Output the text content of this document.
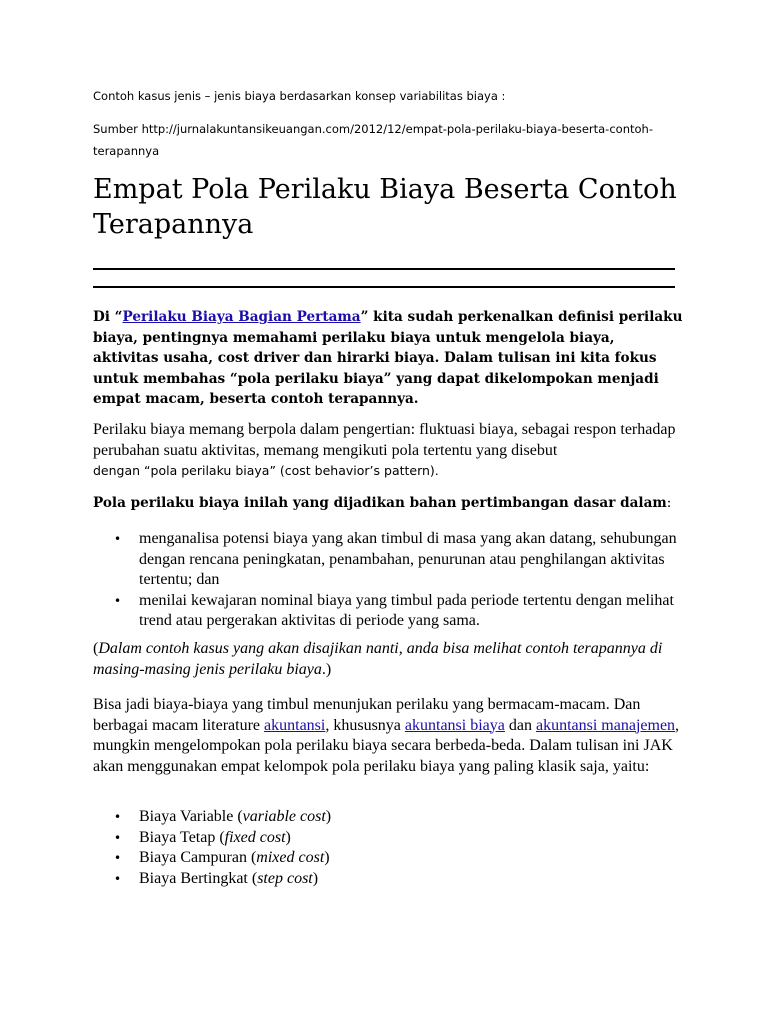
Contoh kasus jenis – jenis biaya berdasarkan konsep variabilitas biaya :

Sumber http://jurnalakuntansikeuangan.com/2012/12/empat-pola-perilaku-biaya-beserta-contoh-terapannya

Empat Pola Perilaku Biaya Beserta Contoh Terapannya

Di “Perilaku Biaya Bagian Pertama” kita sudah perkenalkan definisi perilaku biaya, pentingnya memahami perilaku biaya untuk mengelola biaya, aktivitas usaha, cost driver dan hirarki biaya. Dalam tulisan ini kita fokus untuk membahas “pola perilaku biaya” yang dapat dikelompokan menjadi empat macam, beserta contoh terapannya.

Perilaku biaya memang berpola dalam pengertian: fluktuasi biaya, sebagai respon terhadap perubahan suatu aktivitas, memang mengikuti pola tertentu yang disebut
dengan “pola perilaku biaya” (cost behavior’s pattern).

Pola perilaku biaya inilah yang dijadikan bahan pertimbangan dasar dalam:

• menganalisa potensi biaya yang akan timbul di masa yang akan datang, sehubungan dengan rencana peningkatan, penambahan, penurunan atau penghilangan aktivitas tertentu; dan
• menilai kewajaran nominal biaya yang timbul pada periode tertentu dengan melihat trend atau pergerakan aktivitas di periode yang sama.

(Dalam contoh kasus yang akan disajikan nanti, anda bisa melihat contoh terapannya di masing-masing jenis perilaku biaya.)

Bisa jadi biaya-biaya yang timbul menunjukan perilaku yang bermacam-macam. Dan berbagai macam literature akuntansi, khususnya akuntansi biaya dan akuntansi manajemen, mungkin mengelompokan pola perilaku biaya secara berbeda-beda. Dalam tulisan ini JAK akan menggunakan empat kelompok pola perilaku biaya yang paling klasik saja, yaitu:

• Biaya Variable (variable cost)
• Biaya Tetap (fixed cost)
• Biaya Campuran (mixed cost)
• Biaya Bertingkat (step cost)
